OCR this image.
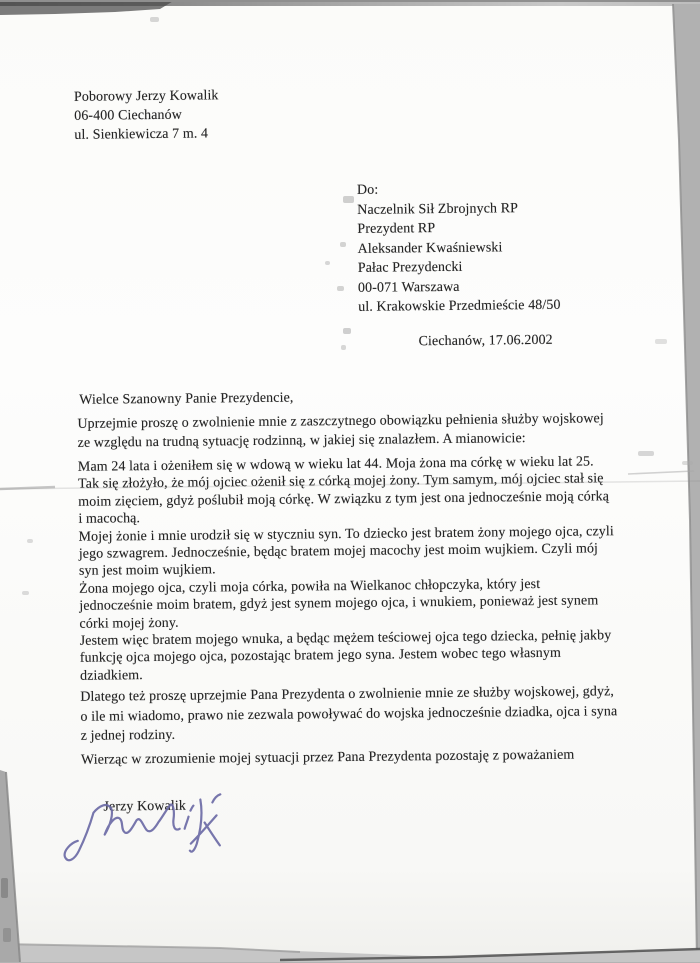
Poborowy Jerzy Kowalik
06-400 Ciechanów
ul. Sienkiewicza 7 m. 4
Do:
Naczelnik Sił Zbrojnych RP
Prezydent RP
Aleksander Kwaśniewski
Pałac Prezydencki
00-071 Warszawa
ul. Krakowskie Przedmieście 48/50
Ciechanów, 17.06.2002
Wielce Szanowny Panie Prezydencie,
Uprzejmie proszę o zwolnienie mnie z zaszczytnego obowiązku pełnienia służby wojskowej
ze względu na trudną sytuację rodzinną, w jakiej się znalazłem. A mianowicie:
Mam 24 lata i ożeniłem się w wdową w wieku lat 44. Moja żona ma córkę w wieku lat 25.
Tak się złożyło, że mój ojciec ożenił się z córką mojej żony. Tym samym, mój ojciec stał się
moim zięciem, gdyż poślubił moją córkę. W związku z tym jest ona jednocześnie moją córką
i macochą.
Mojej żonie i mnie urodził się w styczniu syn. To dziecko jest bratem żony mojego ojca, czyli
jego szwagrem. Jednocześnie, będąc bratem mojej macochy jest moim wujkiem. Czyli mój
syn jest moim wujkiem.
Żona mojego ojca, czyli moja córka, powiła na Wielkanoc chłopczyka, który jest
jednocześnie moim bratem, gdyż jest synem mojego ojca, i wnukiem, ponieważ jest synem
córki mojej żony.
Jestem więc bratem mojego wnuka, a będąc mężem teściowej ojca tego dziecka, pełnię jakby
funkcję ojca mojego ojca, pozostając bratem jego syna. Jestem wobec tego własnym
dziadkiem.
Dlatego też proszę uprzejmie Pana Prezydenta o zwolnienie mnie ze służby wojskowej, gdyż,
o ile mi wiadomo, prawo nie zezwala powoływać do wojska jednocześnie dziadka, ojca i syna
z jednej rodziny.
Wierząc w zrozumienie mojej sytuacji przez Pana Prezydenta pozostaję z poważaniem
Jerzy Kowalik
